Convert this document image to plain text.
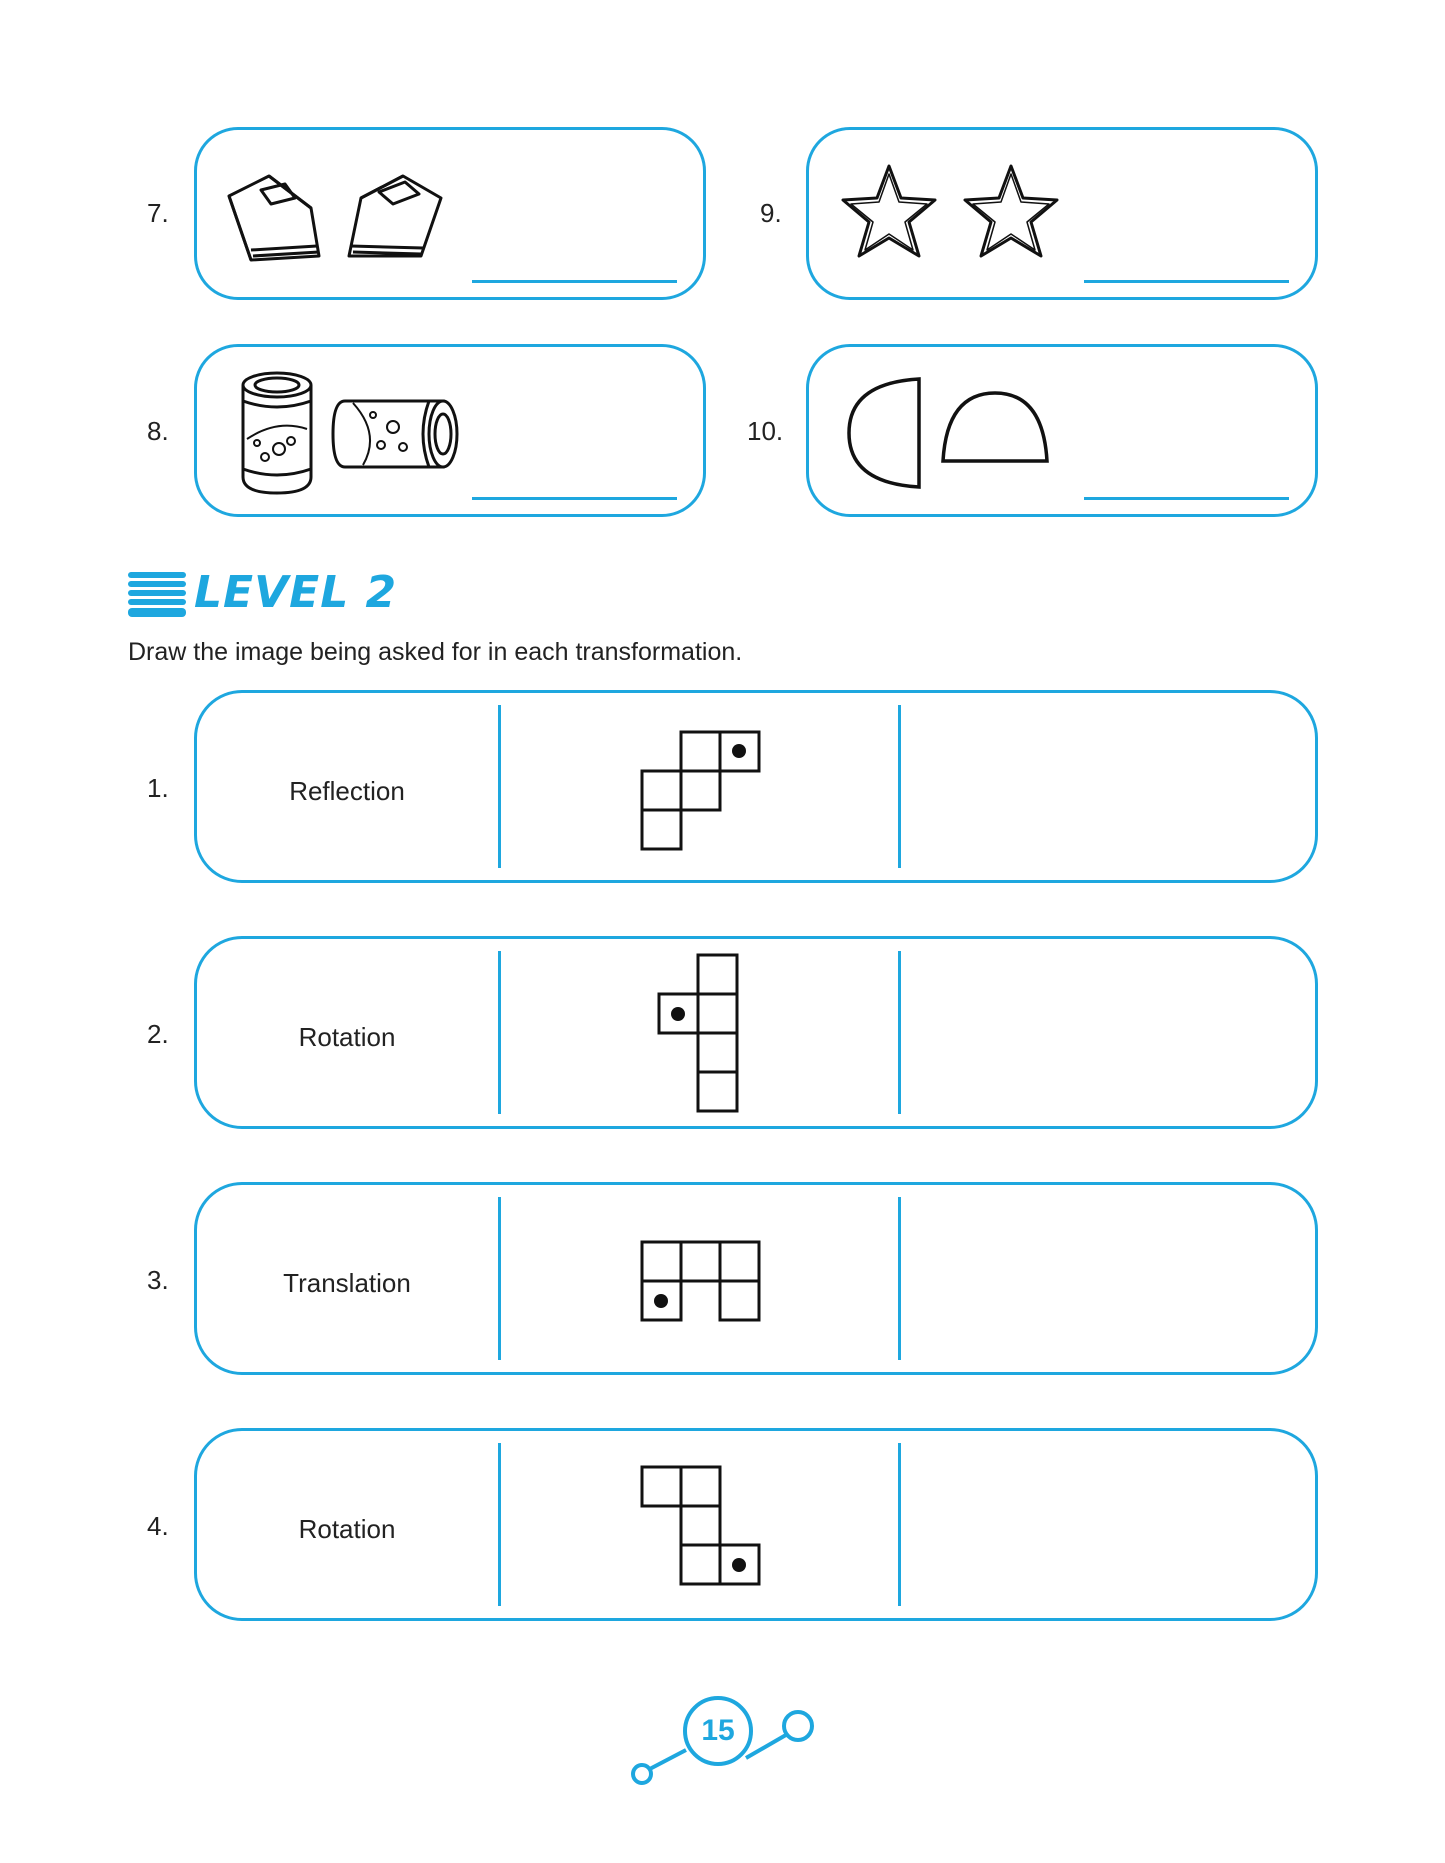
7.
8.
9.
10.
LEVEL 2
Draw the image being asked for in each transformation.
1.	Reflection
2.	Rotation
3.	Translation
4.	Rotation
15
